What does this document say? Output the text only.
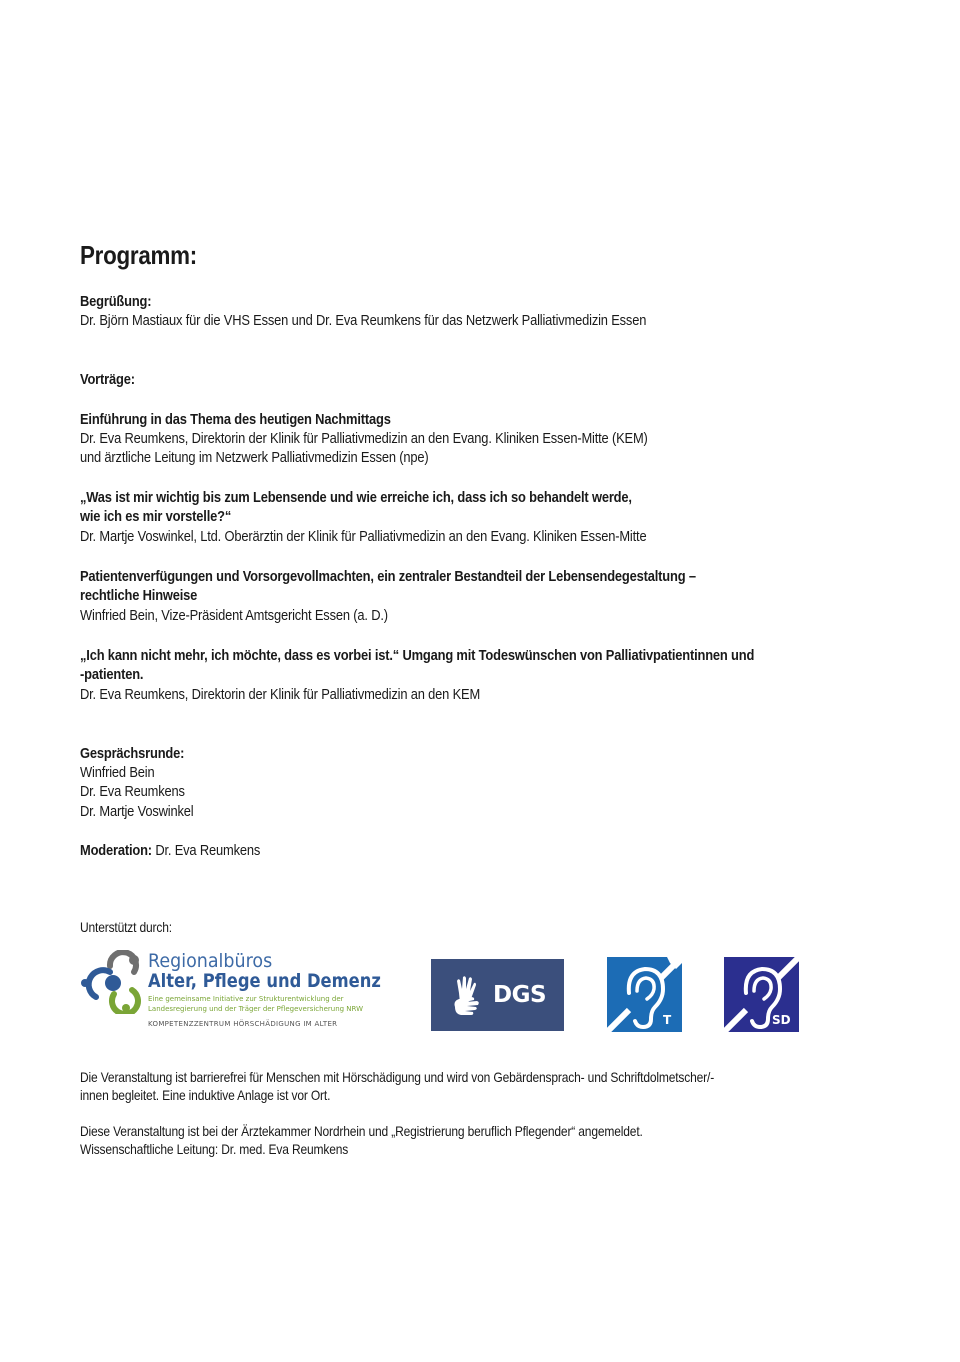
Programm:
Begrüßung:
Dr. Björn Mastiaux für die VHS Essen und Dr. Eva Reumkens für das Netzwerk Palliativmedizin Essen
Vorträge:
Einführung in das Thema des heutigen Nachmittags
Dr. Eva Reumkens, Direktorin der Klinik für Palliativmedizin an den Evang. Kliniken Essen-Mitte (KEM)
und ärztliche Leitung im Netzwerk Palliativmedizin Essen (npe)
„Was ist mir wichtig bis zum Lebensende und wie erreiche ich, dass ich so behandelt werde,
wie ich es mir vorstelle?“
Dr. Martje Voswinkel, Ltd. Oberärztin der Klinik für Palliativmedizin an den Evang. Kliniken Essen-Mitte
Patientenverfügungen und Vorsorgevollmachten, ein zentraler Bestandteil der Lebensendegestaltung –
rechtliche Hinweise
Winfried Bein, Vize-Präsident Amtsgericht Essen (a. D.)
„Ich kann nicht mehr, ich möchte, dass es vorbei ist.“ Umgang mit Todeswünschen von Palliativpatientinnen und
-patienten.
Dr. Eva Reumkens, Direktorin der Klinik für Palliativmedizin an den KEM
Gesprächsrunde:
Winfried Bein
Dr. Eva Reumkens
Dr. Martje Voswinkel
Moderation: Dr. Eva Reumkens
Unterstützt durch:
Regionalbüros
Alter, Pflege und Demenz
Eine gemeinsame Initiative zur Strukturentwicklung der
Landesregierung und der Träger der Pflegeversicherung NRW
KOMPETENZZENTRUM HÖRSCHÄDIGUNG IM ALTER
DGS
T	SD
Die Veranstaltung ist barrierefrei für Menschen mit Hörschädigung und wird von Gebärdensprach- und Schriftdolmetscher/-
innen begleitet. Eine induktive Anlage ist vor Ort.
Diese Veranstaltung ist bei der Ärztekammer Nordrhein und „Registrierung beruflich Pflegender“ angemeldet.
Wissenschaftliche Leitung: Dr. med. Eva Reumkens
